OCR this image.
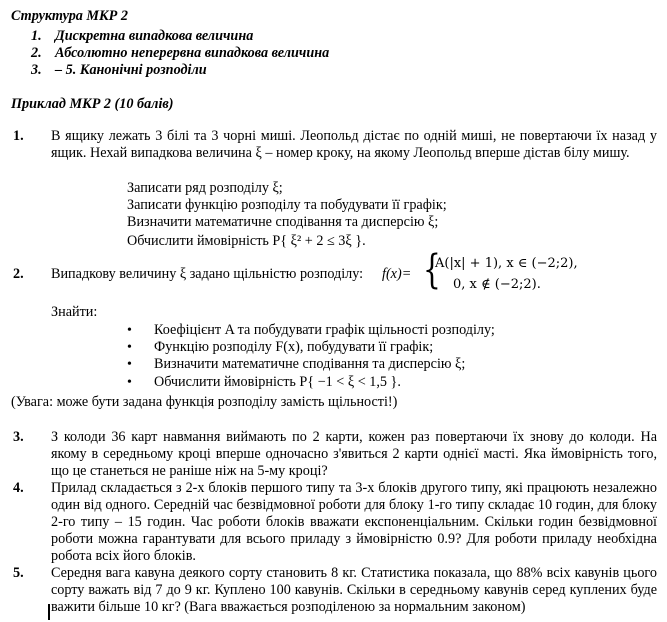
Структура МКР 2
1. Дискретна випадкова величина
2. Абсолютно неперервна випадкова величина
3. – 5. Канонічні розподіли
Приклад МКР 2 (10 балів)
1. В ящику лежать 3 білі та 3 чорні миші. Леопольд дістає по одній миші, не повертаючи їх назад у ящик. Нехай випадкова величина ξ – номер кроку, на якому Леопольд вперше дістав білу мишу.
Записати ряд розподілу ξ;
Записати функцію розподілу та побудувати її графік;
Визначити математичне сподівання та дисперсію ξ;
Обчислити ймовірність P{ ξ² + 2 ≤ 3ξ }.
2. Випадкову величину ξ задано щільністю розподілу: f(x)= {
A(|x| + 1), x ∈ (−2;2),
0, x ∉ (−2;2).
Знайти:
• Коефіцієнт A та побудувати графік щільності розподілу;
• Функцію розподілу F(x), побудувати її графік;
• Визначити математичне сподівання та дисперсію ξ;
• Обчислити ймовірність P{ −1 < ξ < 1,5 }.
(Увага: може бути задана функція розподілу замість щільності!)
3. З колоди 36 карт навмання виймають по 2 карти, кожен раз повертаючи їх знову до колоди. На якому в середньому кроці вперше одночасно з'явиться 2 карти однієї масті. Яка ймовірність того, що це станеться не раніше ніж на 5-му кроці?
4. Прилад складається з 2-х блоків першого типу та 3-х блоків другого типу, які працюють незалежно один від одного. Середній час безвідмовної роботи для блоку 1-го типу складає 10 годин, для блоку 2-го типу – 15 годин. Час роботи блоків вважати експоненціальним. Скільки годин безвідмовної роботи можна гарантувати для всього приладу з ймовірністю 0.9? Для роботи приладу необхідна робота всіх його блоків.
5. Середня вага кавуна деякого сорту становить 8 кг. Статистика показала, що 88% всіх кавунів цього сорту важать від 7 до 9 кг. Куплено 100 кавунів. Скільки в середньому кавунів серед куплених буде важити більше 10 кг? (Вага вважається розподіленою за нормальним законом)
